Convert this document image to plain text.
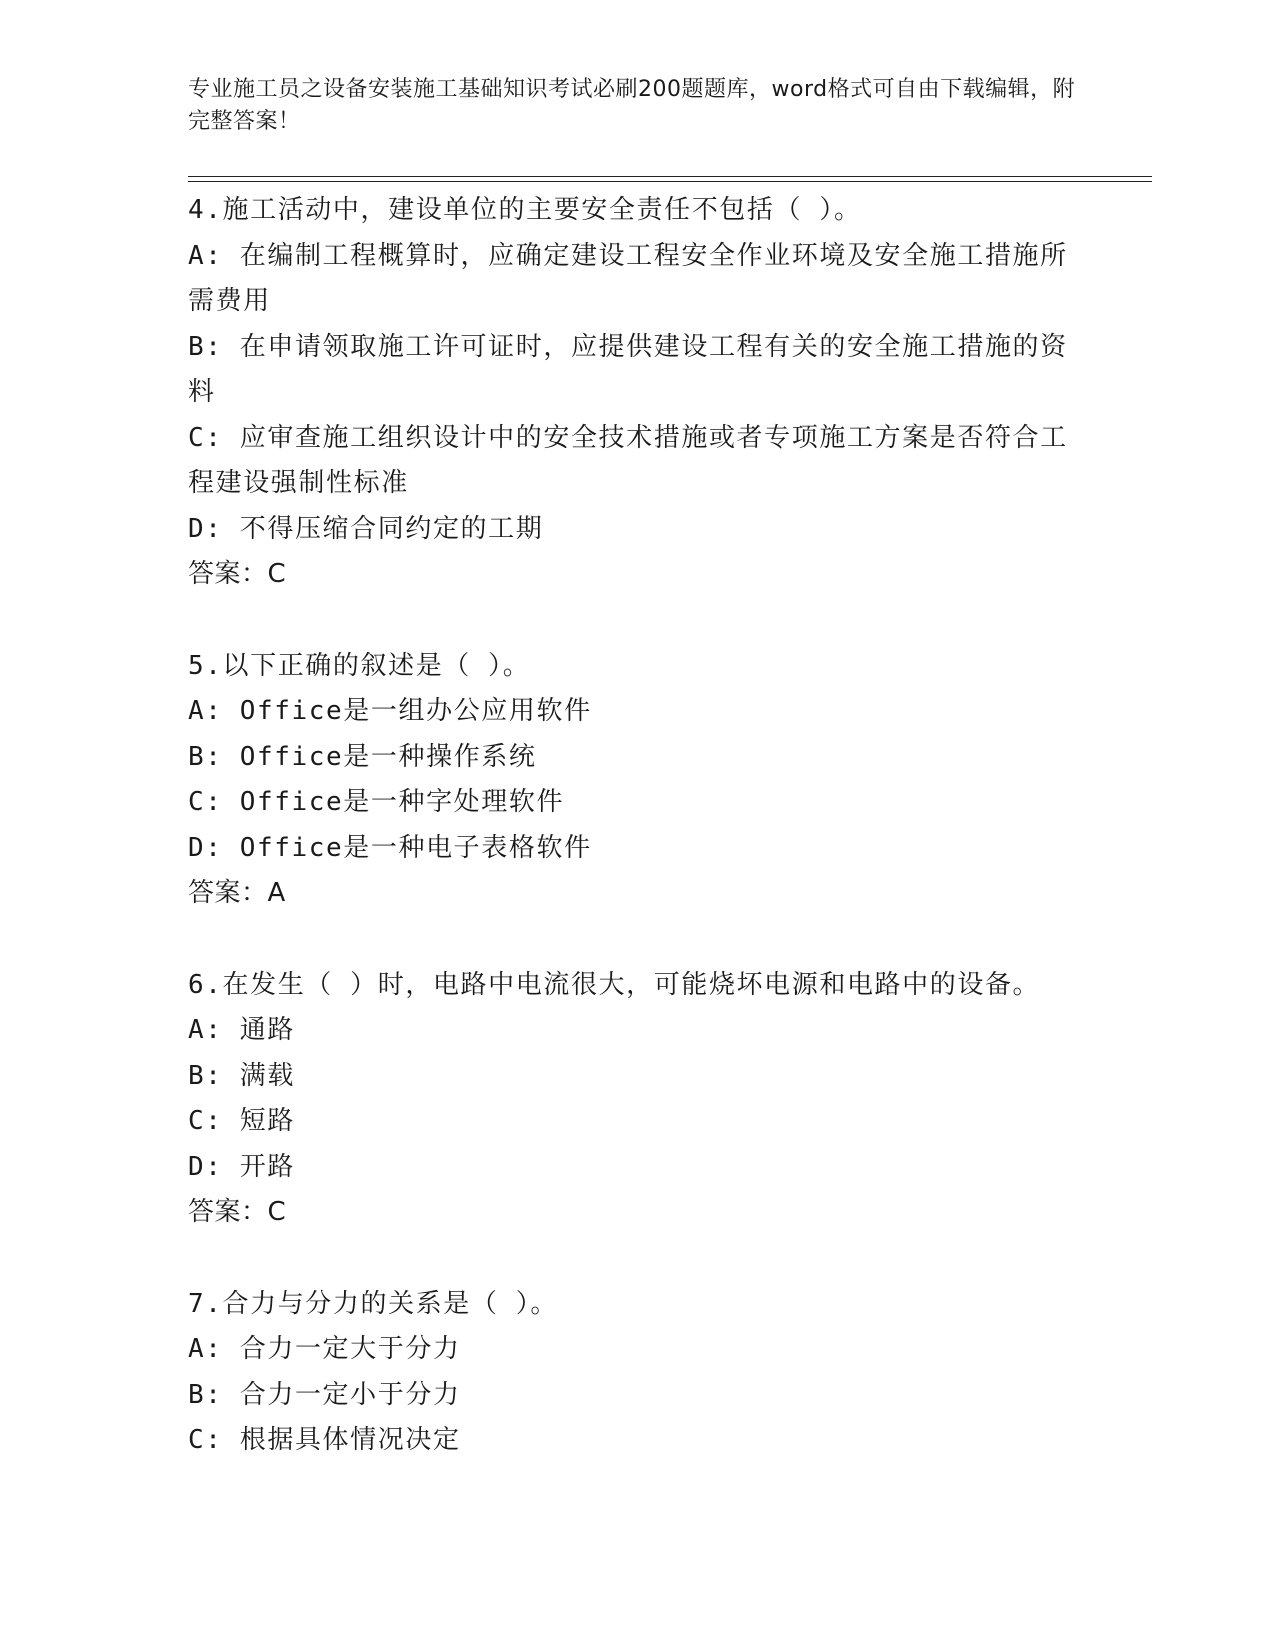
专业施工员之设备安装施工基础知识考试必刷200题题库，word格式可自由下载编辑，附完整答案！
4.施工活动中，建设单位的主要安全责任不包括（ ）。
A: 在编制工程概算时，应确定建设工程安全作业环境及安全施工措施所需费用
B: 在申请领取施工许可证时，应提供建设工程有关的安全施工措施的资料
C: 应审查施工组织设计中的安全技术措施或者专项施工方案是否符合工程建设强制性标准
D: 不得压缩合同约定的工期
答案：C
5.以下正确的叙述是（ ）。
A: Office是一组办公应用软件
B: Office是一种操作系统
C: Office是一种字处理软件
D: Office是一种电子表格软件
答案：A
6.在发生（ ）时，电路中电流很大，可能烧坏电源和电路中的设备。
A: 通路
B: 满载
C: 短路
D: 开路
答案：C
7.合力与分力的关系是（ ）。
A: 合力一定大于分力
B: 合力一定小于分力
C: 根据具体情况决定
